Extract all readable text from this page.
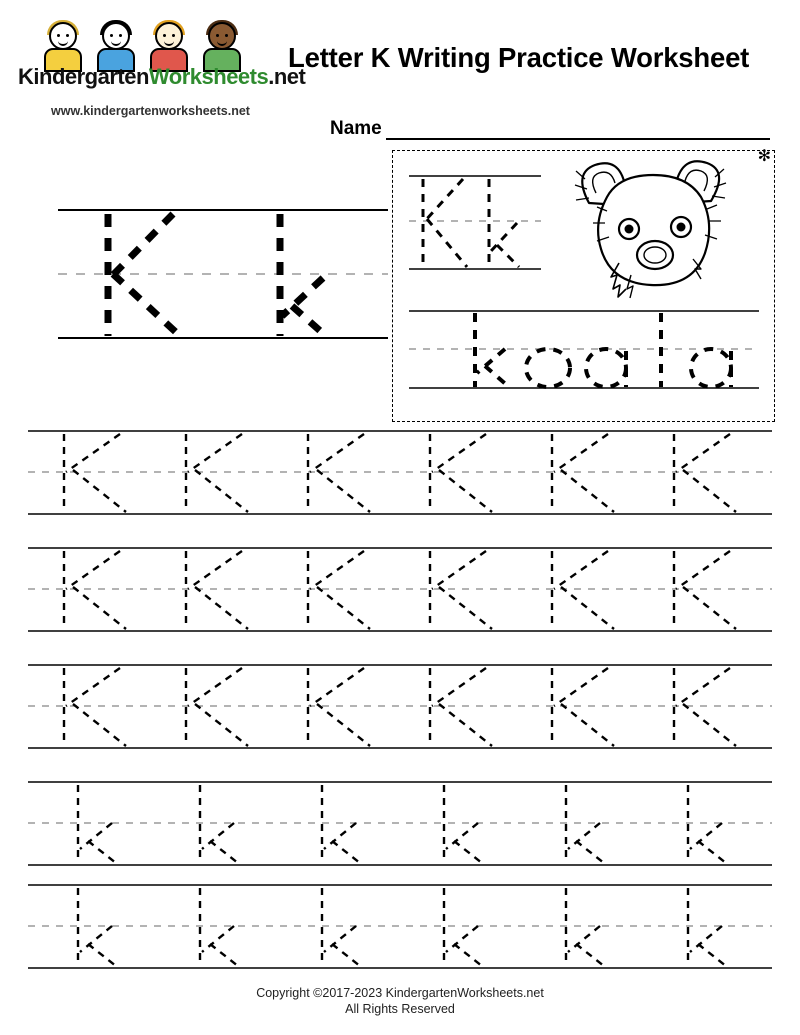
KindergartenWorksheets.net
www.kindergartenworksheets.net
Letter K Writing Practice Worksheet
Name
✻
Copyright ©2017-2023 KindergartenWorksheets.net
All Rights Reserved
